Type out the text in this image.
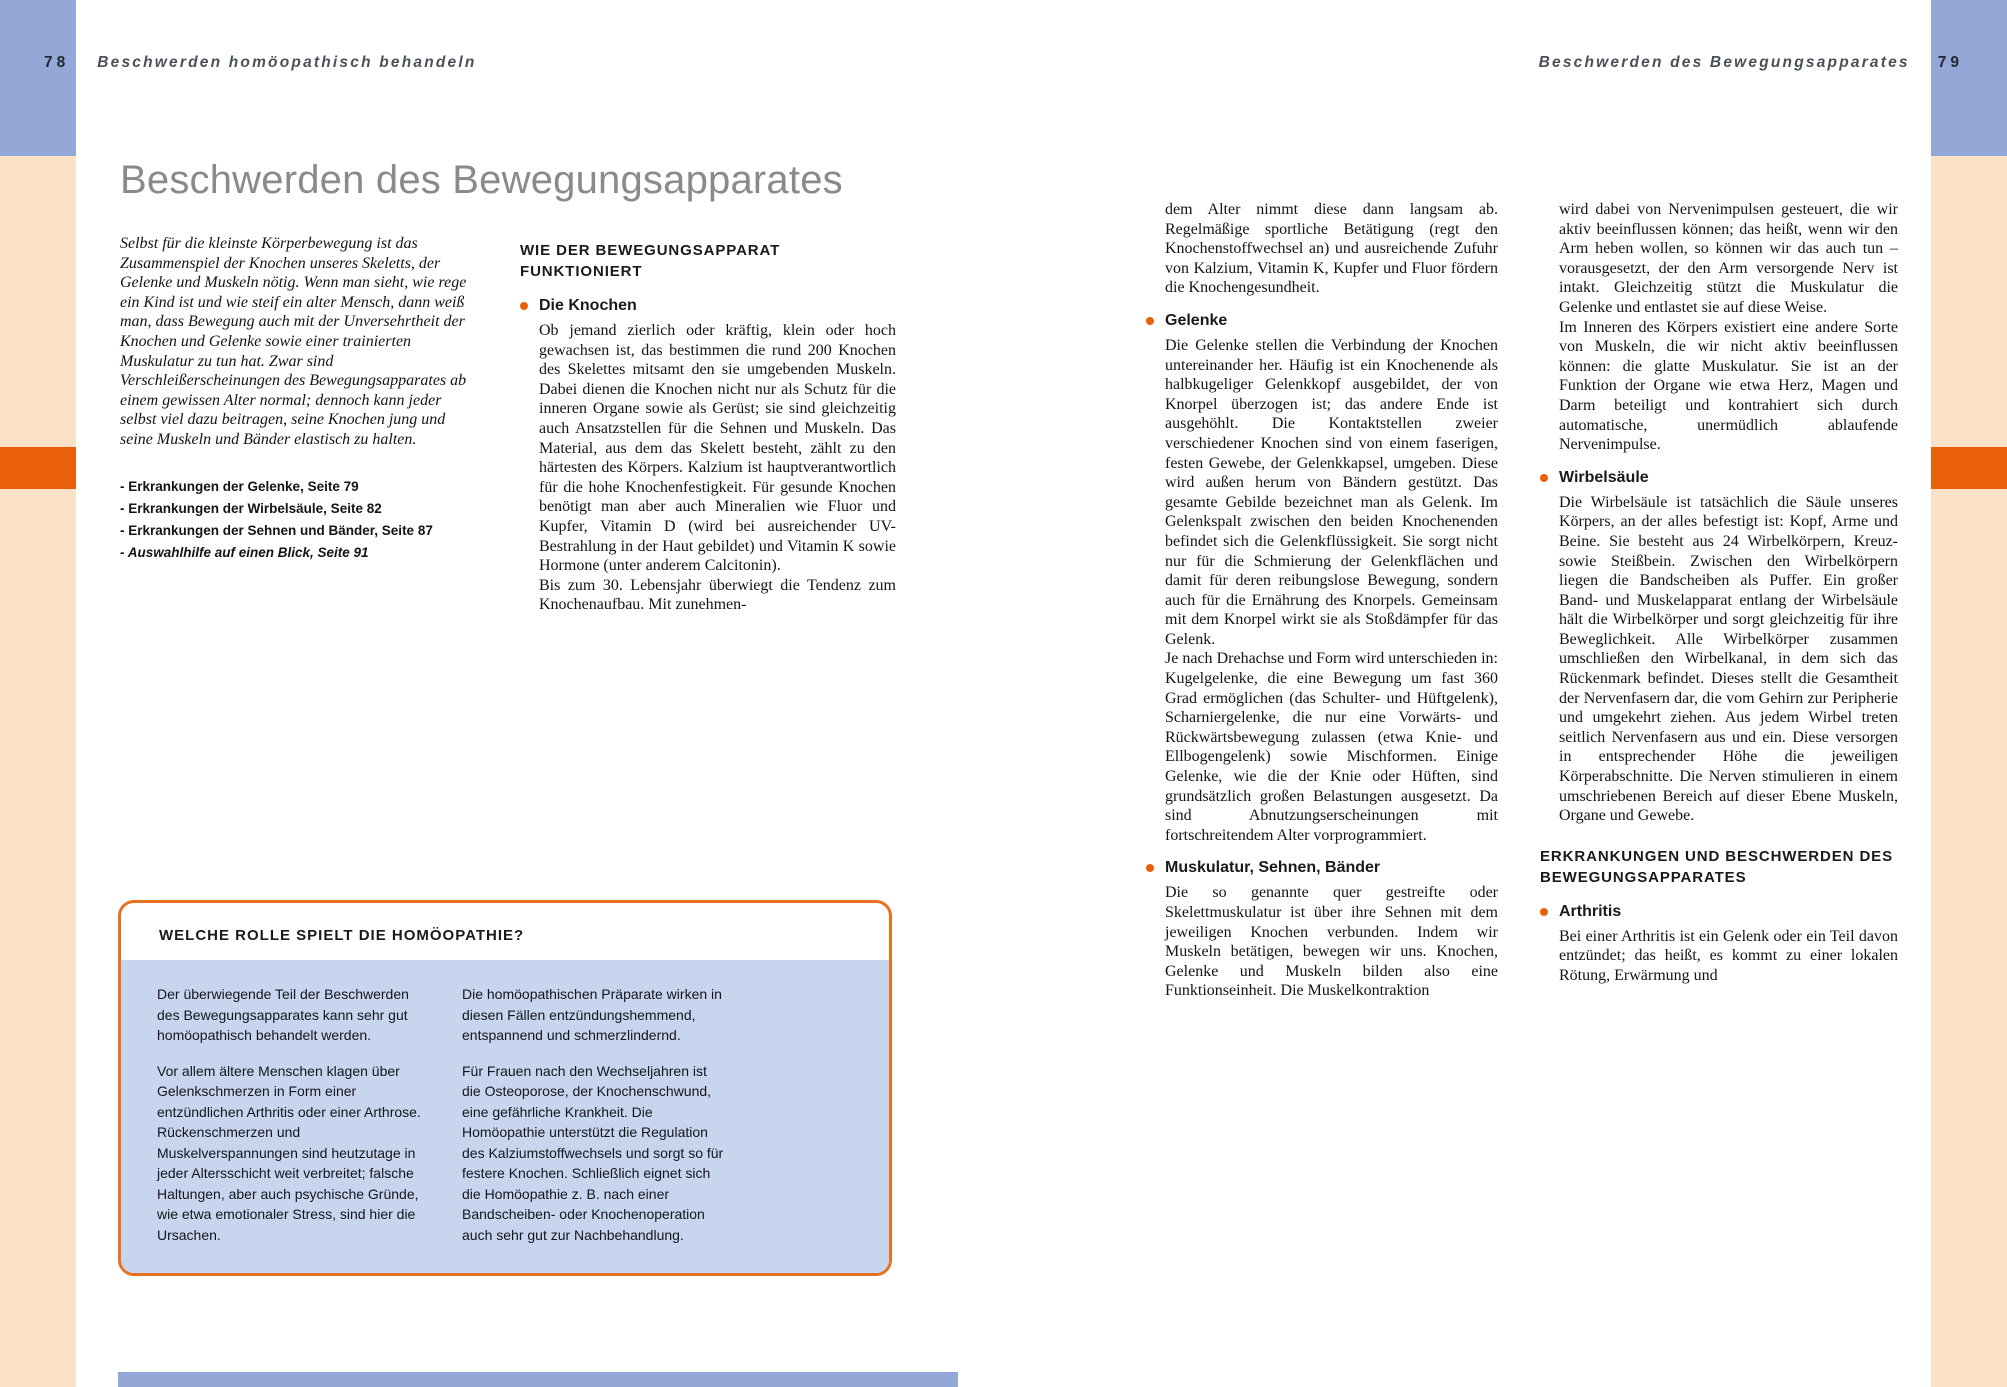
78 Beschwerden homöopathisch behandeln	Beschwerden des Bewegungsapparates 79
Beschwerden des Bewegungsapparates

Selbst für die kleinste Körperbewegung ist das Zusammenspiel der Knochen unseres Skeletts, der Gelenke und Muskeln nötig. Wenn man sieht, wie rege ein Kind ist und wie steif ein alter Mensch, dann weiß man, dass Bewegung auch mit der Unversehrtheit der Knochen und Gelenke sowie einer trainierten Muskulatur zu tun hat. Zwar sind Verschleißerscheinungen des Bewegungsapparates ab einem gewissen Alter normal; dennoch kann jeder selbst viel dazu beitragen, seine Knochen jung und seine Muskeln und Bänder elastisch zu halten.

- Erkrankungen der Gelenke, Seite 79
- Erkrankungen der Wirbelsäule, Seite 82
- Erkrankungen der Sehnen und Bänder, Seite 87
- Auswahlhilfe auf einen Blick, Seite 91
WIE DER BEWEGUNGSAPPARAT FUNKTIONIERT
Die Knochen

Ob jemand zierlich oder kräftig, klein oder hoch gewachsen ist, das bestimmen die rund 200 Knochen des Skelettes mitsamt den sie umgebenden Muskeln. Dabei dienen die Knochen nicht nur als Schutz für die inneren Organe sowie als Gerüst; sie sind gleichzeitig auch Ansatzstellen für die Sehnen und Muskeln. Das Material, aus dem das Skelett besteht, zählt zu den härtesten des Körpers. Kalzium ist hauptverantwortlich für die hohe Knochenfestigkeit. Für gesunde Knochen benötigt man aber auch Mineralien wie Fluor und Kupfer, Vitamin D (wird bei ausreichender UV-Bestrahlung in der Haut gebildet) und Vitamin K sowie Hormone (unter anderem Calcitonin).

Bis zum 30. Lebensjahr überwiegt die Tendenz zum Knochenaufbau. Mit zunehmen-

WELCHE ROLLE SPIELT DIE HOMÖOPATHIE?

Der überwiegende Teil der Beschwerden des Bewegungsapparates kann sehr gut homöopathisch behandelt werden.

Vor allem ältere Menschen klagen über Gelenkschmerzen in Form einer entzündlichen Arthritis oder einer Arthrose. Rückenschmerzen und Muskelverspannungen sind heutzutage in jeder Altersschicht weit verbreitet; falsche Haltungen, aber auch psychische Gründe, wie etwa emotionaler Stress, sind hier die Ursachen.

Die homöopathischen Präparate wirken in diesen Fällen entzündungshemmend, entspannend und schmerzlindernd.

Für Frauen nach den Wechseljahren ist die Osteoporose, der Knochenschwund, eine gefährliche Krankheit. Die Homöopathie unterstützt die Regulation des Kalziumstoffwechsels und sorgt so für festere Knochen. Schließlich eignet sich die Homöopathie z. B. nach einer Bandscheiben- oder Knochenoperation auch sehr gut zur Nachbehandlung.

dem Alter nimmt diese dann langsam ab. Regelmäßige sportliche Betätigung (regt den Knochenstoffwechsel an) und ausreichende Zufuhr von Kalzium, Vitamin K, Kupfer und Fluor fördern die Knochengesundheit.

Gelenke

Die Gelenke stellen die Verbindung der Knochen untereinander her. Häufig ist ein Knochenende als halbkugeliger Gelenkkopf ausgebildet, der von Knorpel überzogen ist; das andere Ende ist ausgehöhlt. Die Kontaktstellen zweier verschiedener Knochen sind von einem faserigen, festen Gewebe, der Gelenkkapsel, umgeben. Diese wird außen herum von Bändern gestützt. Das gesamte Gebilde bezeichnet man als Gelenk. Im Gelenkspalt zwischen den beiden Knochenenden befindet sich die Gelenkflüssigkeit. Sie sorgt nicht nur für die Schmierung der Gelenkflächen und damit für deren reibungslose Bewegung, sondern auch für die Ernährung des Knorpels. Gemeinsam mit dem Knorpel wirkt sie als Stoßdämpfer für das Gelenk.

Je nach Drehachse und Form wird unterschieden in: Kugelgelenke, die eine Bewegung um fast 360 Grad ermöglichen (das Schulter- und Hüftgelenk), Scharniergelenke, die nur eine Vorwärts- und Rückwärtsbewegung zulassen (etwa Knie- und Ellbogengelenk) sowie Mischformen. Einige Gelenke, wie die der Knie oder Hüften, sind grundsätzlich großen Belastungen ausgesetzt. Da sind Abnutzungserscheinungen mit fortschreitendem Alter vorprogrammiert.

Muskulatur, Sehnen, Bänder

Die so genannte quer gestreifte oder Skelettmuskulatur ist über ihre Sehnen mit dem jeweiligen Knochen verbunden. Indem wir Muskeln betätigen, bewegen wir uns. Knochen, Gelenke und Muskeln bilden also eine Funktionseinheit. Die Muskelkontraktion

wird dabei von Nervenimpulsen gesteuert, die wir aktiv beeinflussen können; das heißt, wenn wir den Arm heben wollen, so können wir das auch tun – vorausgesetzt, der den Arm versorgende Nerv ist intakt. Gleichzeitig stützt die Muskulatur die Gelenke und entlastet sie auf diese Weise.

Im Inneren des Körpers existiert eine andere Sorte von Muskeln, die wir nicht aktiv beeinflussen können: die glatte Muskulatur. Sie ist an der Funktion der Organe wie etwa Herz, Magen und Darm beteiligt und kontrahiert sich durch automatische, unermüdlich ablaufende Nervenimpulse.

Wirbelsäule

Die Wirbelsäule ist tatsächlich die Säule unseres Körpers, an der alles befestigt ist: Kopf, Arme und Beine. Sie besteht aus 24 Wirbelkörpern, Kreuz- sowie Steißbein. Zwischen den Wirbelkörpern liegen die Bandscheiben als Puffer. Ein großer Band- und Muskelapparat entlang der Wirbelsäule hält die Wirbelkörper und sorgt gleichzeitig für ihre Beweglichkeit. Alle Wirbelkörper zusammen umschließen den Wirbelkanal, in dem sich das Rückenmark befindet. Dieses stellt die Gesamtheit der Nervenfasern dar, die vom Gehirn zur Peripherie und umgekehrt ziehen. Aus jedem Wirbel treten seitlich Nervenfasern aus und ein. Diese versorgen in entsprechender Höhe die jeweiligen Körperabschnitte. Die Nerven stimulieren in einem umschriebenen Bereich auf dieser Ebene Muskeln, Organe und Gewebe.

ERKRANKUNGEN UND BESCHWERDEN DES BEWEGUNGSAPPARATES
Arthritis

Bei einer Arthritis ist ein Gelenk oder ein Teil davon entzündet; das heißt, es kommt zu einer lokalen Rötung, Erwärmung und
